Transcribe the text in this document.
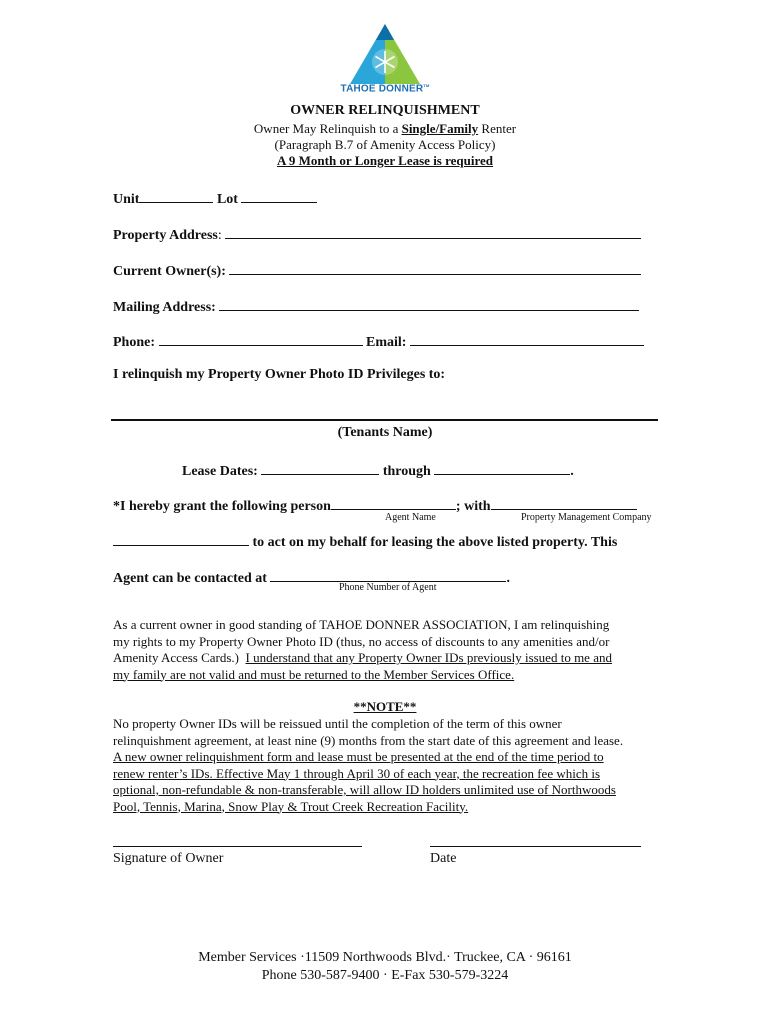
TAHOE DONNER™
OWNER RELINQUISHMENT
Owner May Relinquish to a Single/Family Renter
(Paragraph B.7 of Amenity Access Policy)
A 9 Month or Longer Lease is required
Unit	Lot
Property Address:
Current Owner(s):
Mailing Address:
Phone:	Email:
I relinquish my Property Owner Photo ID Privileges to:
(Tenants Name)
Lease Dates:	through	.
*I hereby grant the following person	; with
Agent Name	Property Management Company
to act on my behalf for leasing the above listed property. This
Agent can be contacted at	.
Phone Number of Agent
As a current owner in good standing of TAHOE DONNER ASSOCIATION, I am relinquishing
my rights to my Property Owner Photo ID (thus, no access of discounts to any amenities and/or
Amenity Access Cards.)  I understand that any Property Owner IDs previously issued to me and
my family are not valid and must be returned to the Member Services Office.
**NOTE**
No property Owner IDs will be reissued until the completion of the term of this owner
relinquishment agreement, at least nine (9) months from the start date of this agreement and lease.
A new owner relinquishment form and lease must be presented at the end of the time period to
renew renter’s IDs. Effective May 1 through April 30 of each year, the recreation fee which is
optional, non-refundable & non-transferable, will allow ID holders unlimited use of Northwoods
Pool, Tennis, Marina, Snow Play & Trout Creek Recreation Facility.
Signature of Owner	Date
Member Services ·11509 Northwoods Blvd.· Truckee, CA · 96161
Phone 530-587-9400 · E-Fax 530-579-3224
